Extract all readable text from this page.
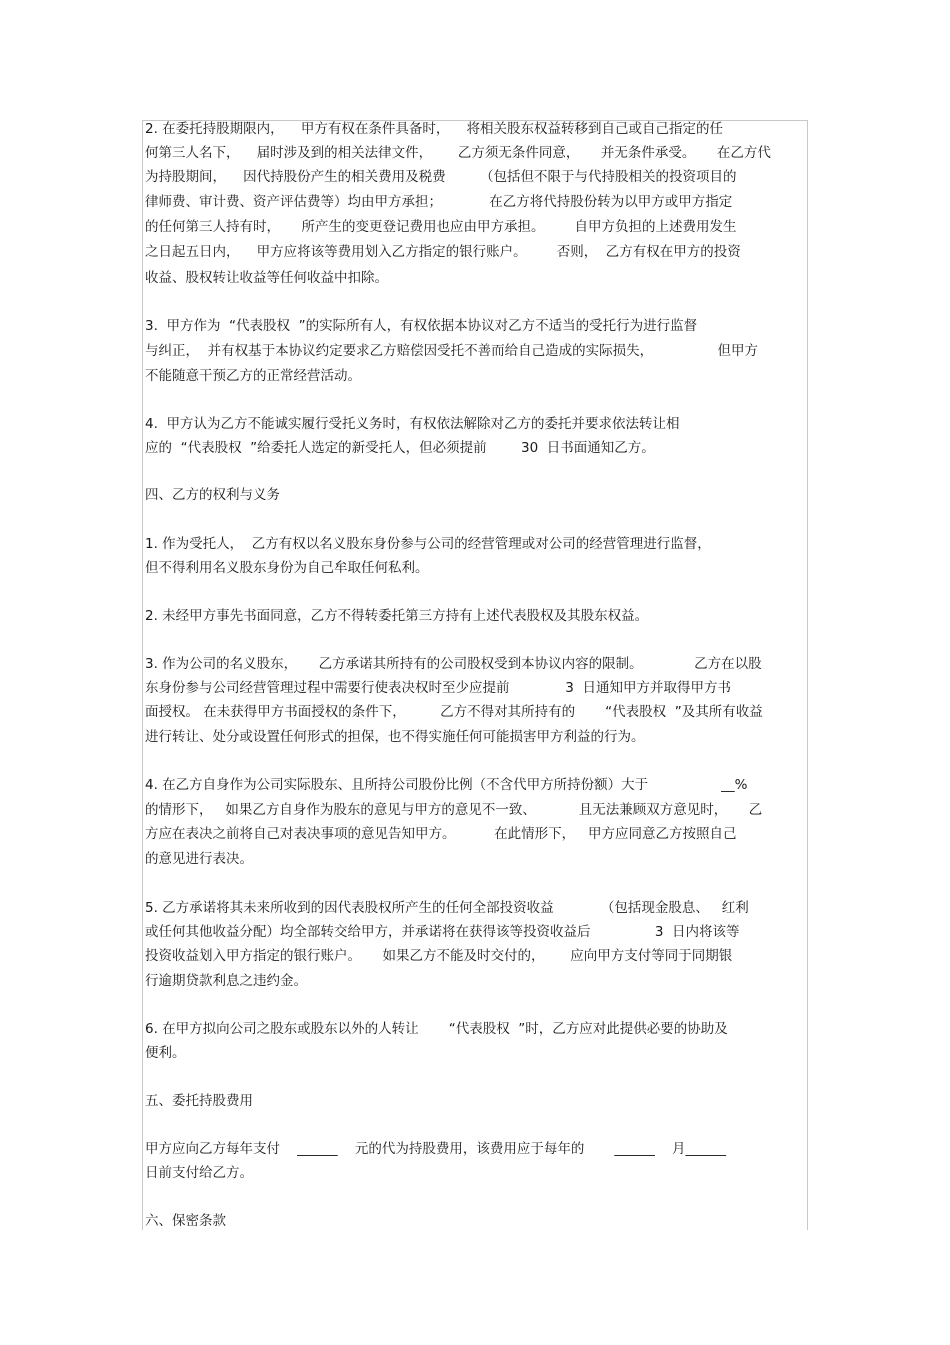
2. 在委托持股期限内，    甲方有权在条件具备时，    将相关股东权益转移到自己或自己指定的任
何第三人名下，    届时涉及到的相关法律文件，      乙方须无条件同意，     并无条件承受。     在乙方代
为持股期间，    因代持股份产生的相关费用及税费        （包括但不限于与代持股相关的投资项目的
律师费、审计费、资产评估费等）均由甲方承担；           在乙方将代持股份转为以甲方或甲方指定
的任何第三人持有时，     所产生的变更登记费用也应由甲方承担。       自甲方负担的上述费用发生
之日起五日内，    甲方应将该等费用划入乙方指定的银行账户。       否则，  乙方有权在甲方的投资
收益、股权转让收益等任何收益中扣除。
3.  甲方作为  “代表股权  ”的实际所有人，有权依据本协议对乙方不适当的受托行为进行监督
与纠正，  并有权基于本协议约定要求乙方赔偿因受托不善而给自己造成的实际损失，               但甲方
不能随意干预乙方的正常经营活动。
4.  甲方认为乙方不能诚实履行受托义务时，有权依法解除对乙方的委托并要求依法转让相
应的  “代表股权  ”给委托人选定的新受托人，但必须提前        30  日书面通知乙方。
四、乙方的权利与义务
1. 作为受托人，  乙方有权以名义股东身份参与公司的经营管理或对公司的经营管理进行监督，
但不得利用名义股东身份为自己牟取任何私利。
2. 未经甲方事先书面同意，乙方不得转委托第三方持有上述代表股权及其股东权益。
3. 作为公司的名义股东，     乙方承诺其所持有的公司股权受到本协议内容的限制。            乙方在以股
东身份参与公司经营管理过程中需要行使表决权时至少应提前             3  日通知甲方并取得甲方书
面授权。 在未获得甲方书面授权的条件下，        乙方不得对其所持有的       “代表股权  ”及其所有收益
进行转让、处分或设置任何形式的担保，也不得实施任何可能损害甲方利益的行为。
4. 在乙方自身作为公司实际股东、且所持公司股份比例（不含代甲方所持份额）大于                 __%
的情形下，   如果乙方自身作为股东的意见与甲方的意见不一致、          且无法兼顾双方意见时，     乙
方应在表决之前将自己对表决事项的意见告知甲方。         在此情形下，   甲方应同意乙方按照自己
的意见进行表决。
5. 乙方承诺将其未来所收到的因代表股权所产生的任何全部投资收益           （包括现金股息、   红利
或任何其他收益分配）均全部转交给甲方，并承诺将在获得该等投资收益后               3  日内将该等
投资收益划入甲方指定的银行账户。     如果乙方不能及时交付的，      应向甲方支付等同于同期银
行逾期贷款利息之违约金。
6. 在甲方拟向公司之股东或股东以外的人转让       “代表股权  ”时，乙方应对此提供必要的协助及
便利。
五、委托持股费用
甲方应向乙方每年支付    ______    元的代为持股费用，该费用应于每年的       ______    月______
日前支付给乙方。
六、保密条款
